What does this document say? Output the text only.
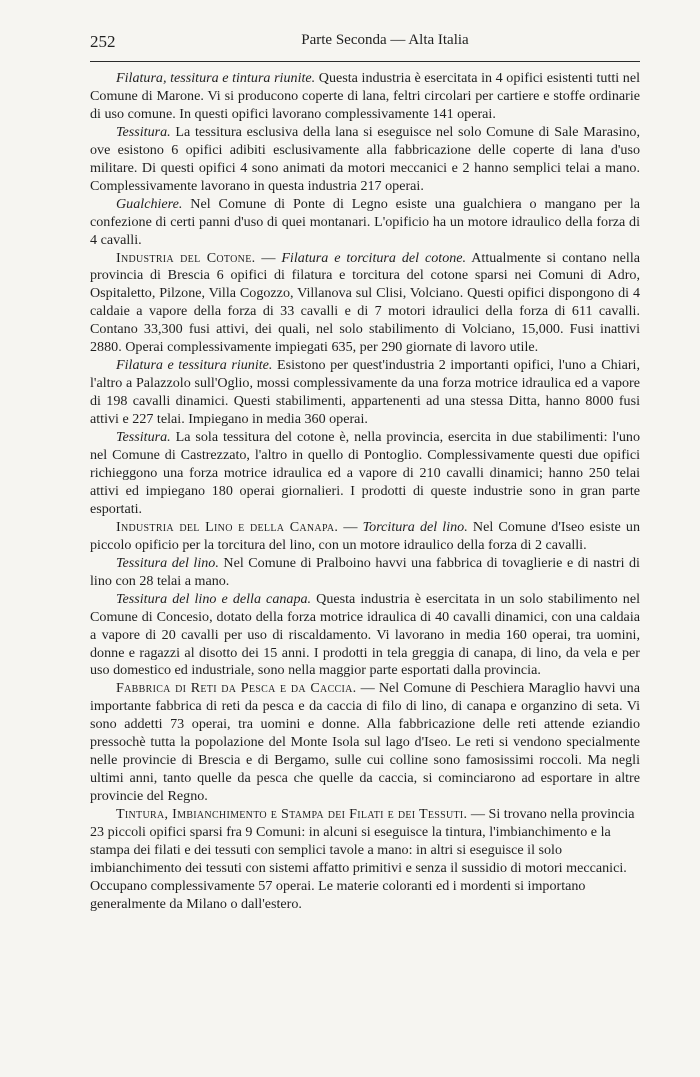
252	Parte Seconda — Alta Italia

Filatura, tessitura e tintura riunite. Questa industria è esercitata in 4 opifici esistenti tutti nel Comune di Marone. Vi si producono coperte di lana, feltri circolari per cartiere e stoffe ordinarie di uso comune. In questi opifici lavorano complessivamente 141 operai.

Tessitura. La tessitura esclusiva della lana si eseguisce nel solo Comune di Sale Marasino, ove esistono 6 opifici adibiti esclusivamente alla fabbricazione delle coperte di lana d'uso militare. Di questi opifici 4 sono animati da motori meccanici e 2 hanno semplici telai a mano. Complessivamente lavorano in questa industria 217 operai.

Gualchiere. Nel Comune di Ponte di Legno esiste una gualchiera o mangano per la confezione di certi panni d'uso di quei montanari. L'opificio ha un motore idraulico della forza di 4 cavalli.

Industria del Cotone. — Filatura e torcitura del cotone. Attualmente si contano nella provincia di Brescia 6 opifici di filatura e torcitura del cotone sparsi nei Comuni di Adro, Ospitaletto, Pilzone, Villa Cogozzo, Villanova sul Clisi, Volciano. Questi opifici dispongono di 4 caldaie a vapore della forza di 33 cavalli e di 7 motori idraulici della forza di 611 cavalli. Contano 33,300 fusi attivi, dei quali, nel solo stabilimento di Volciano, 15,000. Fusi inattivi 2880. Operai complessivamente impiegati 635, per 290 giornate di lavoro utile.

Filatura e tessitura riunite. Esistono per quest'industria 2 importanti opifici, l'uno a Chiari, l'altro a Palazzolo sull'Oglio, mossi complessivamente da una forza motrice idraulica ed a vapore di 198 cavalli dinamici. Questi stabilimenti, appartenenti ad una stessa Ditta, hanno 8000 fusi attivi e 227 telai. Impiegano in media 360 operai.

Tessitura. La sola tessitura del cotone è, nella provincia, esercita in due stabilimenti: l'uno nel Comune di Castrezzato, l'altro in quello di Pontoglio. Complessivamente questi due opifici richieggono una forza motrice idraulica ed a vapore di 210 cavalli dinamici; hanno 250 telai attivi ed impiegano 180 operai giornalieri. I prodotti di queste industrie sono in gran parte esportati.

Industria del Lino e della Canapa. — Torcitura del lino. Nel Comune d'Iseo esiste un piccolo opificio per la torcitura del lino, con un motore idraulico della forza di 2 cavalli.

Tessitura del lino. Nel Comune di Pralboino havvi una fabbrica di tovaglierie e di nastri di lino con 28 telai a mano.

Tessitura del lino e della canapa. Questa industria è esercitata in un solo stabilimento nel Comune di Concesio, dotato della forza motrice idraulica di 40 cavalli dinamici, con una caldaia a vapore di 20 cavalli per uso di riscaldamento. Vi lavorano in media 160 operai, tra uomini, donne e ragazzi al disotto dei 15 anni. I prodotti in tela greggia di canapa, di lino, da vela e per uso domestico ed industriale, sono nella maggior parte esportati dalla provincia.

Fabbrica di Reti da Pesca e da Caccia. — Nel Comune di Peschiera Maraglio havvi una importante fabbrica di reti da pesca e da caccia di filo di lino, di canapa e organzino di seta. Vi sono addetti 73 operai, tra uomini e donne. Alla fabbricazione delle reti attende eziandio pressochè tutta la popolazione del Monte Isola sul lago d'Iseo. Le reti si vendono specialmente nelle provincie di Brescia e di Bergamo, sulle cui colline sono famosissimi roccoli. Ma negli ultimi anni, tanto quelle da pesca che quelle da caccia, si cominciarono ad esportare in altre provincie del Regno.

Tintura, Imbianchimento e Stampa dei Filati e dei Tessuti. — Si trovano nella provincia 23 piccoli opifici sparsi fra 9 Comuni: in alcuni si eseguisce la tintura, l'imbianchimento e la stampa dei filati e dei tessuti con semplici tavole a mano: in altri si eseguisce il solo imbianchimento dei tessuti con sistemi affatto primitivi e senza il sussidio di motori meccanici. Occupano complessivamente 57 operai. Le materie coloranti ed i mordenti si importano generalmente da Milano o dall'estero.
